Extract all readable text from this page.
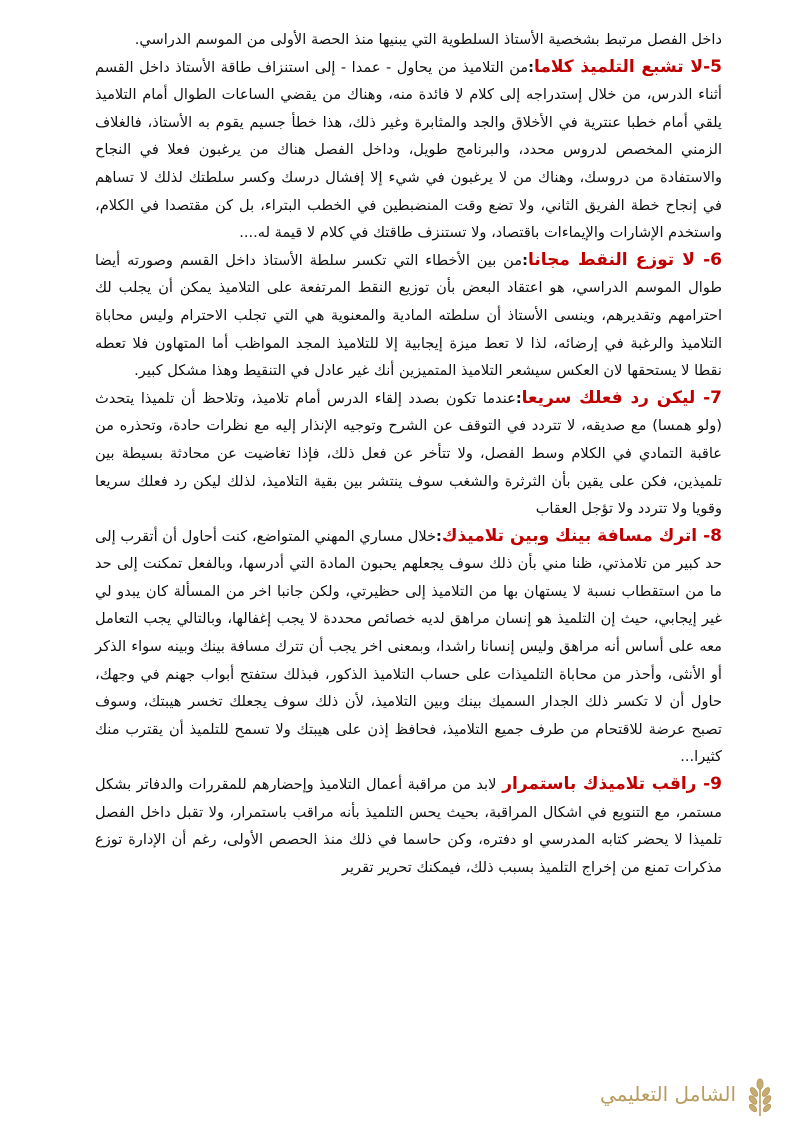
داخل الفصل مرتبط بشخصية الأستاذ السلطوية التي يبنيها منذ الحصة الأولى من الموسم الدراسي.

5-لا تشبع التلميذ كلاما:من التلاميذ من يحاول - عمدا - إلى استنزاف طاقة الأستاذ داخل القسم أثناء الدرس، من خلال إستدراجه إلى كلام لا فائدة منه، وهناك من يقضي الساعات الطوال أمام التلاميذ يلقي أمام خطبا عنترية في الأخلاق والجد والمثابرة وغير ذلك، هذا خطأ جسيم يقوم به الأستاذ، فالغلاف الزمني المخصص لدروس محدد، والبرنامج طويل، وداخل الفصل هناك من يرغبون فعلا في النجاح والاستفادة من دروسك، وهناك من لا يرغبون في شيء إلا إفشال درسك وكسر سلطتك لذلك لا تساهم في إنجاح خطة الفريق الثاني، ولا تضع وقت المنضبطين في الخطب البتراء، بل كن مقتصدا في الكلام، واستخدم الإشارات والإيماءات باقتصاد، ولا تستنزف طاقتك في كلام لا قيمة له....

6- لا توزع النقط مجانا:من بين الأخطاء التي تكسر سلطة الأستاذ داخل القسم وصورته أيضا طوال الموسم الدراسي، هو اعتقاد البعض بأن توزيع النقط المرتفعة على التلاميذ يمكن أن يجلب لك احترامهم وتقديرهم، وينسى الأستاذ أن سلطته المادية والمعنوية هي التي تجلب الاحترام وليس محاباة التلاميذ والرغبة في إرضائه، لذا لا تعط ميزة إيجابية إلا للتلاميذ المجد المواظب أما المتهاون فلا تعطه نقطا لا يستحقها لان العكس سيشعر التلاميذ المتميزين أنك غير عادل في التنقيط وهذا مشكل كبير.

7- ليكن رد فعلك سريعا:عندما تكون بصدد إلقاء الدرس أمام تلاميذ، وتلاحظ أن تلميذا يتحدث (ولو همسا) مع صديقه، لا تتردد في التوقف عن الشرح وتوجيه الإنذار إليه مع نظرات حادة، وتحذره من عاقبة التمادي في الكلام وسط الفصل، ولا تتأخر عن فعل ذلك، فإذا تغاضيت عن محادثة بسيطة بين تلميذين، فكن على يقين بأن الثرثرة والشغب سوف ينتشر بين بقية التلاميذ، لذلك ليكن رد فعلك سريعا وقويا ولا تتردد ولا تؤجل العقاب

8- اترك مسافة بينك وبين تلاميذك:خلال مساري المهني المتواضع، كنت أحاول أن أتقرب إلى حد كبير من تلامذتي، ظنا مني بأن ذلك سوف يجعلهم يحبون المادة التي أدرسها، وبالفعل تمكنت إلى حد ما من استقطاب نسبة لا يستهان بها من التلاميذ إلى حظيرتي، ولكن جانبا اخر من المسألة كان يبدو لي غير إيجابي، حيث إن التلميذ هو إنسان مراهق لديه خصائص محددة لا يجب إغفالها، وبالتالي يجب التعامل معه على أساس أنه مراهق وليس إنسانا راشدا، وبمعنى اخر يجب أن تترك مسافة بينك وبينه سواء الذكر أو الأنثى، وأحذر من محاباة التلميذات على حساب التلاميذ الذكور، فبذلك ستفتح أبواب جهنم في وجهك، حاول أن لا تكسر ذلك الجدار السميك بينك وبين التلاميذ، لأن ذلك سوف يجعلك تخسر هيبتك، وسوف تصبح عرضة للاقتحام من طرف جميع التلاميذ، فحافظ إذن على هيبتك ولا تسمح للتلميذ أن يقترب منك كثيرا...

9- راقب تلاميذك باستمرار لابد من مراقبة أعمال التلاميذ وإحضارهم للمقررات والدفاتر بشكل مستمر، مع التنويع في اشكال المراقبة، بحيث يحس التلميذ بأنه مراقب باستمرار، ولا تقبل داخل الفصل تلميذا لا يحضر كتابه المدرسي او دفتره، وكن حاسما في ذلك منذ الحصص الأولى، رغم أن الإدارة توزع مذكرات تمنع من إخراج التلميذ بسبب ذلك، فيمكنك تحرير تقرير

الشامل التعليمي
